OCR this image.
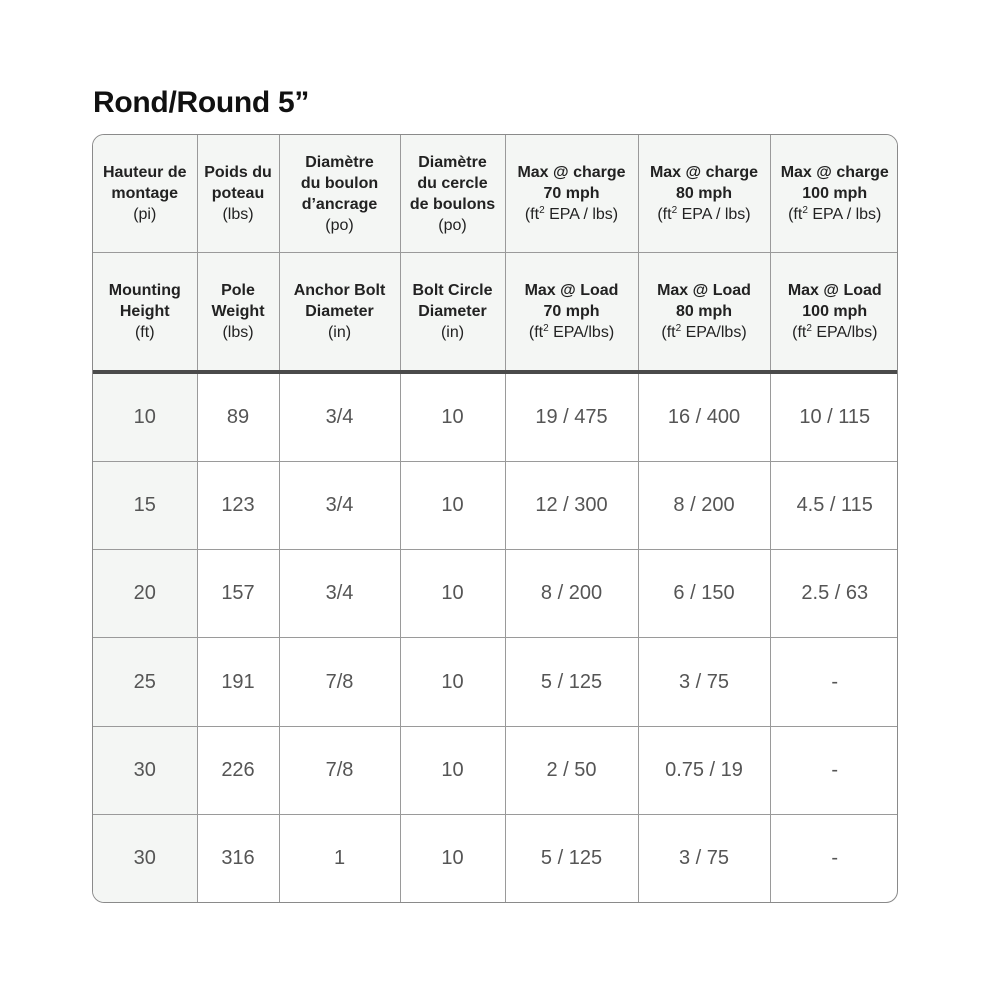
Rond/Round 5”
Hauteur de
montage
(pi)	Poids du
poteau
(lbs)	Diamètre
du boulon
d’ancrage
(po)	Diamètre
du cercle
de boulons
(po)	Max @ charge
70 mph
($ft^2$ EPA / lbs)	Max @ charge
80 mph
($ft^2$ EPA / lbs)	Max @ charge
100 mph
($ft^2$ EPA / lbs)

Mounting
Height
(ft)	Pole
Weight
(lbs)	Anchor Bolt
Diameter
(in)	Bolt Circle
Diameter
(in)	Max @ Load
70 mph
($ft^2$ EPA/lbs)	Max @ Load
80 mph
($ft^2$ EPA/lbs)	Max @ Load
100 mph
($ft^2$ EPA/lbs)

10	89	3/4	10	19 / 475	16 / 400	10 / 115
15	123	3/4	10	12 / 300	8 / 200	4.5 / 115
20	157	3/4	10	8 / 200	6 / 150	2.5 / 63
25	191	7/8	10	5 / 125	3 / 75	-
30	226	7/8	10	2 / 50	0.75 / 19	-
30	316	1	10	5 / 125	3 / 75	-
